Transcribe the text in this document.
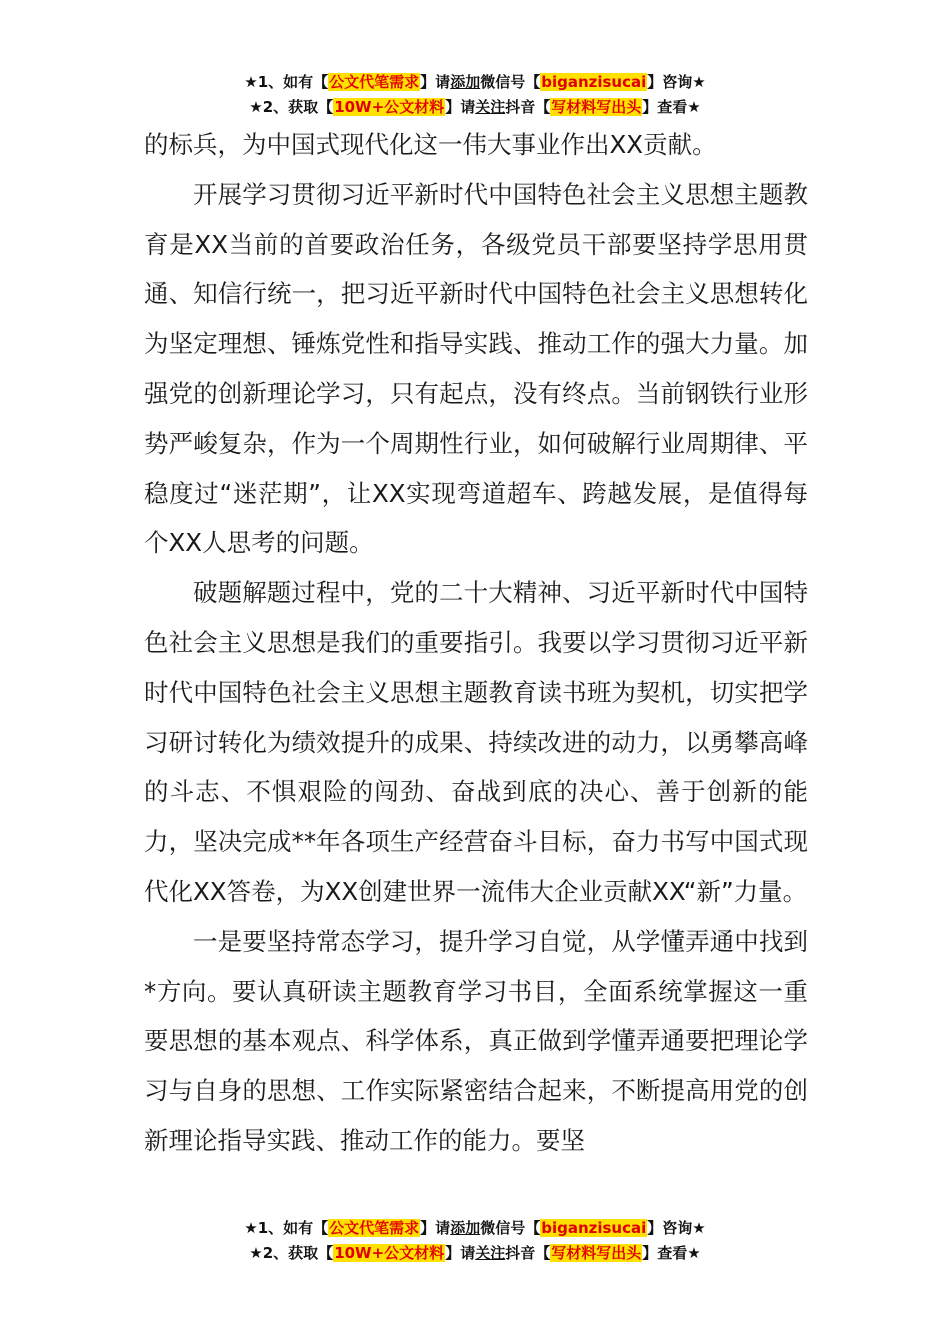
★1、如有【公文代笔需求】请添加微信号【biganzisucai】咨询★
★2、获取【10W+公文材料】请关注抖音【写材料写出头】查看★

的标兵，为中国式现代化这一伟大事业作出XX贡献。

开展学习贯彻习近平新时代中国特色社会主义思想主题教育是XX当前的首要政治任务，各级党员干部要坚持学思用贯通、知信行统一，把习近平新时代中国特色社会主义思想转化为坚定理想、锤炼党性和指导实践、推动工作的强大力量。加强党的创新理论学习，只有起点，没有终点。当前钢铁行业形势严峻复杂，作为一个周期性行业，如何破解行业周期律、平稳度过“迷茫期”，让XX实现弯道超车、跨越发展，是值得每个XX人思考的问题。

破题解题过程中，党的二十大精神、习近平新时代中国特色社会主义思想是我们的重要指引。我要以学习贯彻习近平新时代中国特色社会主义思想主题教育读书班为契机，切实把学习研讨转化为绩效提升的成果、持续改进的动力，以勇攀高峰的斗志、不惧艰险的闯劲、奋战到底的决心、善于创新的能力，坚决完成**年各项生产经营奋斗目标，奋力书写中国式现代化XX答卷，为XX创建世界一流伟大企业贡献XX“新”力量。

一是要坚持常态学习，提升学习自觉，从学懂弄通中找到*方向。要认真研读主题教育学习书目，全面系统掌握这一重要思想的基本观点、科学体系，真正做到学懂弄通要把理论学习与自身的思想、工作实际紧密结合起来，不断提高用党的创新理论指导实践、推动工作的能力。要坚

★1、如有【公文代笔需求】请添加微信号【biganzisucai】咨询★
★2、获取【10W+公文材料】请关注抖音【写材料写出头】查看★
